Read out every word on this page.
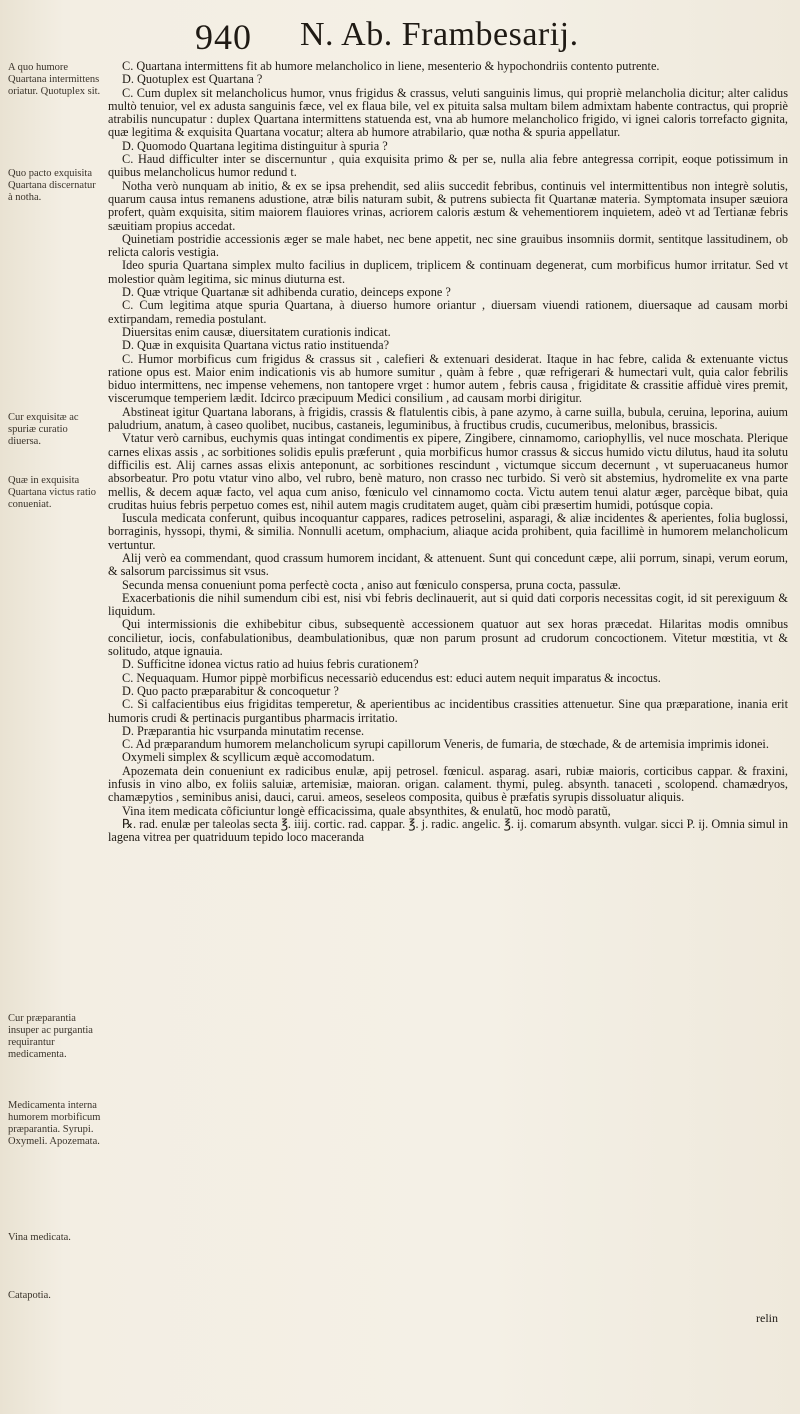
940 N. Ab. Frambesarij.
A quo humore Quartana intermittens oriatur. Quotuplex sit.
Quo pacto exquisita Quartana discernatur à notha.
Cur exquisitæ ac spuriæ curatio diuersa.
Quæ in exquisita Quartana victus ratio conueniat.
Cur præparantia insuper ac purgantia requirantur medicamenta.
Medicamenta interna humorem morbificum præparantia. Syrupi. Oxymeli. Apozemata.
Vina medicata.
Catapotia.

C. Quartana intermittens fit ab humore melancholico in liene, mesenterio & hypochondriis contento putrente.

D. Quotuplex est Quartana ?

C. Cum duplex sit melancholicus humor, vnus frigidus & crassus, veluti sanguinis limus, qui propriè melancholia dicitur; alter calidus multò tenuior, vel ex adusta sanguinis fæce, vel ex flaua bile, vel ex pituita salsa multam bilem admixtam habente contractus, qui propriè atrabilis nuncupatur : duplex Quartana intermittens statuenda est, vna ab humore melancholico frigido, vi ignei caloris torrefacto gignita, quæ legitima & exquisita Quartana vocatur; altera ab humore atrabilario, quæ notha & spuria appellatur.

D. Quomodo Quartana legitima distinguitur à spuria ?

C. Haud difficulter inter se discernuntur , quia exquisita primo & per se, nulla alia febre antegressa corripit, eoque potissimum in quibus melancholicus humor redund t.

Notha verò nunquam ab initio, & ex se ipsa prehendit, sed aliis succedit febribus, continuis vel intermittentibus non integrè solutis, quarum causa intus remanens adustione, atræ bilis naturam subit, & putrens subiecta fit Quartanæ materia. Symptomata insuper sæuiora profert, quàm exquisita, sitim maiorem flauiores vrinas, acriorem caloris æstum & vehementiorem inquietem, adeò vt ad Tertianæ febris sæuitiam propius accedat.

Quinetiam postridie accessionis æger se male habet, nec bene appetit, nec sine grauibus insomniis dormit, sentitque lassitudinem, ob relicta caloris vestigia.

Ideo spuria Quartana simplex multo facilius in duplicem, triplicem & continuam degenerat, cum morbificus humor irritatur. Sed vt molestior quàm legitima, sic minus diuturna est.

D. Quæ vtrique Quartanæ sit adhibenda curatio, deinceps expone ?

C. Cum legitima atque spuria Quartana, à diuerso humore oriantur , diuersam viuendi rationem, diuersaque ad causam morbi extirpandam, remedia postulant.

Diuersitas enim causæ, diuersitatem curationis indicat.

D. Quæ in exquisita Quartana victus ratio instituenda?

C. Humor morbificus cum frigidus & crassus sit , calefieri & extenuari desiderat. Itaque in hac febre, calida & extenuante victus ratione opus est. Maior enim indicationis vis ab humore sumitur , quàm à febre , quæ refrigerari & humectari vult, quia calor febrilis biduo intermittens, nec impense vehemens, non tantopere vrget : humor autem , febris causa , frigiditate & crassitie affiduè vires premit, viscerumque temperiem lædit. Idcirco præcipuum Medici consilium , ad causam morbi dirigitur.

Abstineat igitur Quartana laborans, à frigidis, crassis & flatulentis cibis, à pane azymo, à carne suilla, bubula, ceruina, leporina, auium paludrium, anatum, à caseo quolibet, nucibus, castaneis, leguminibus, à fructibus crudis, cucumeribus, melonibus, brassicis.

Vtatur verò carnibus, euchymis quas intingat condimentis ex pipere, Zingibere, cinnamomo, cariophyllis, vel nuce moschata. Plerique carnes elixas assis , ac sorbitiones solidis epulis præferunt , quia morbificus humor crassus & siccus humido victu dilutus, haud ita solutu difficilis est. Alij carnes assas elixis anteponunt, ac sorbitiones rescindunt , victumque siccum decernunt , vt superuacaneus humor absorbeatur. Pro potu vtatur vino albo, vel rubro, benè maturo, non crasso nec turbido. Si verò sit abstemius, hydromelite ex vna parte mellis, & decem aquæ facto, vel aqua cum aniso, fœniculo vel cinnamomo cocta. Victu autem tenui alatur æger, parcèque bibat, quia cruditas huius febris perpetuo comes est, nihil autem magis cruditatem auget, quàm cibi præsertim humidi, potúsque copia.

Iuscula medicata conferunt, quibus incoquantur cappares, radices petroselini, asparagi, & aliæ incidentes & aperientes, folia buglossi, borraginis, hyssopi, thymi, & similia. Nonnulli acetum, omphacium, aliaque acida prohibent, quia facillimè in humorem melancholicum vertuntur.

Alij verò ea commendant, quod crassum humorem incidant, & attenuent. Sunt qui concedunt cæpe, alii porrum, sinapi, verum eorum, & salsorum parcissimus sit vsus.

Secunda mensa conueniunt poma perfectè cocta , aniso aut fœniculo conspersa, pruna cocta, passulæ.

Exacerbationis die nihil sumendum cibi est, nisi vbi febris declinauerit, aut si quid dati corporis necessitas cogit, id sit perexiguum & liquidum.

Qui intermissionis die exhibebitur cibus, subsequentè accessionem quatuor aut sex horas præcedat. Hilaritas modis omnibus concilietur, iocis, confabulationibus, deambulationibus, quæ non parum prosunt ad crudorum concoctionem. Vitetur mœstitia, vt & solitudo, atque ignauia.

D. Sufficitne idonea victus ratio ad huius febris curationem?

C. Nequaquam. Humor pippè morbificus necessariò educendus est: educi autem nequit imparatus & incoctus.

D. Quo pacto præparabitur & concoquetur ?

C. Si calfacientibus eius frigiditas temperetur, & aperientibus ac incidentibus crassities attenuetur. Sine qua præparatione, inania erit humoris crudi & pertinacis purgantibus pharmacis irritatio.

D. Præparantia hic vsurpanda minutatim recense.

C. Ad præparandum humorem melancholicum syrupi capillorum Veneris, de fumaria, de stœchade, & de artemisia imprimis idonei.

Oxymeli simplex & scyllicum æquè accomodatum.

Apozemata dein conueniunt ex radicibus enulæ, apij petrosel. fœnicul. asparag. asari, rubiæ maioris, corticibus cappar. & fraxini, infusis in vino albo, ex foliis saluiæ, artemisiæ, maioran. origan. calament. thymi, puleg. absynth. tanaceti , scolopend. chamædryos, chamæpytios , seminibus anisi, dauci, carui. ameos, seseleos composita, quibus è præfatis syrupis dissoluatur aliquis.

Vina item medicata cõficiuntur longè efficacissima, quale absynthites, & enulatũ, hoc modò paratũ,

℞. rad. enulæ per taleolas secta ℥. iiij. cortic. rad. cappar. ℥. j. radic. angelic. ℥. ij. comarum absynth. vulgar. sicci P. ij. Omnia simul in lagena vitrea per quatriduum tepido loco maceranda

relin
